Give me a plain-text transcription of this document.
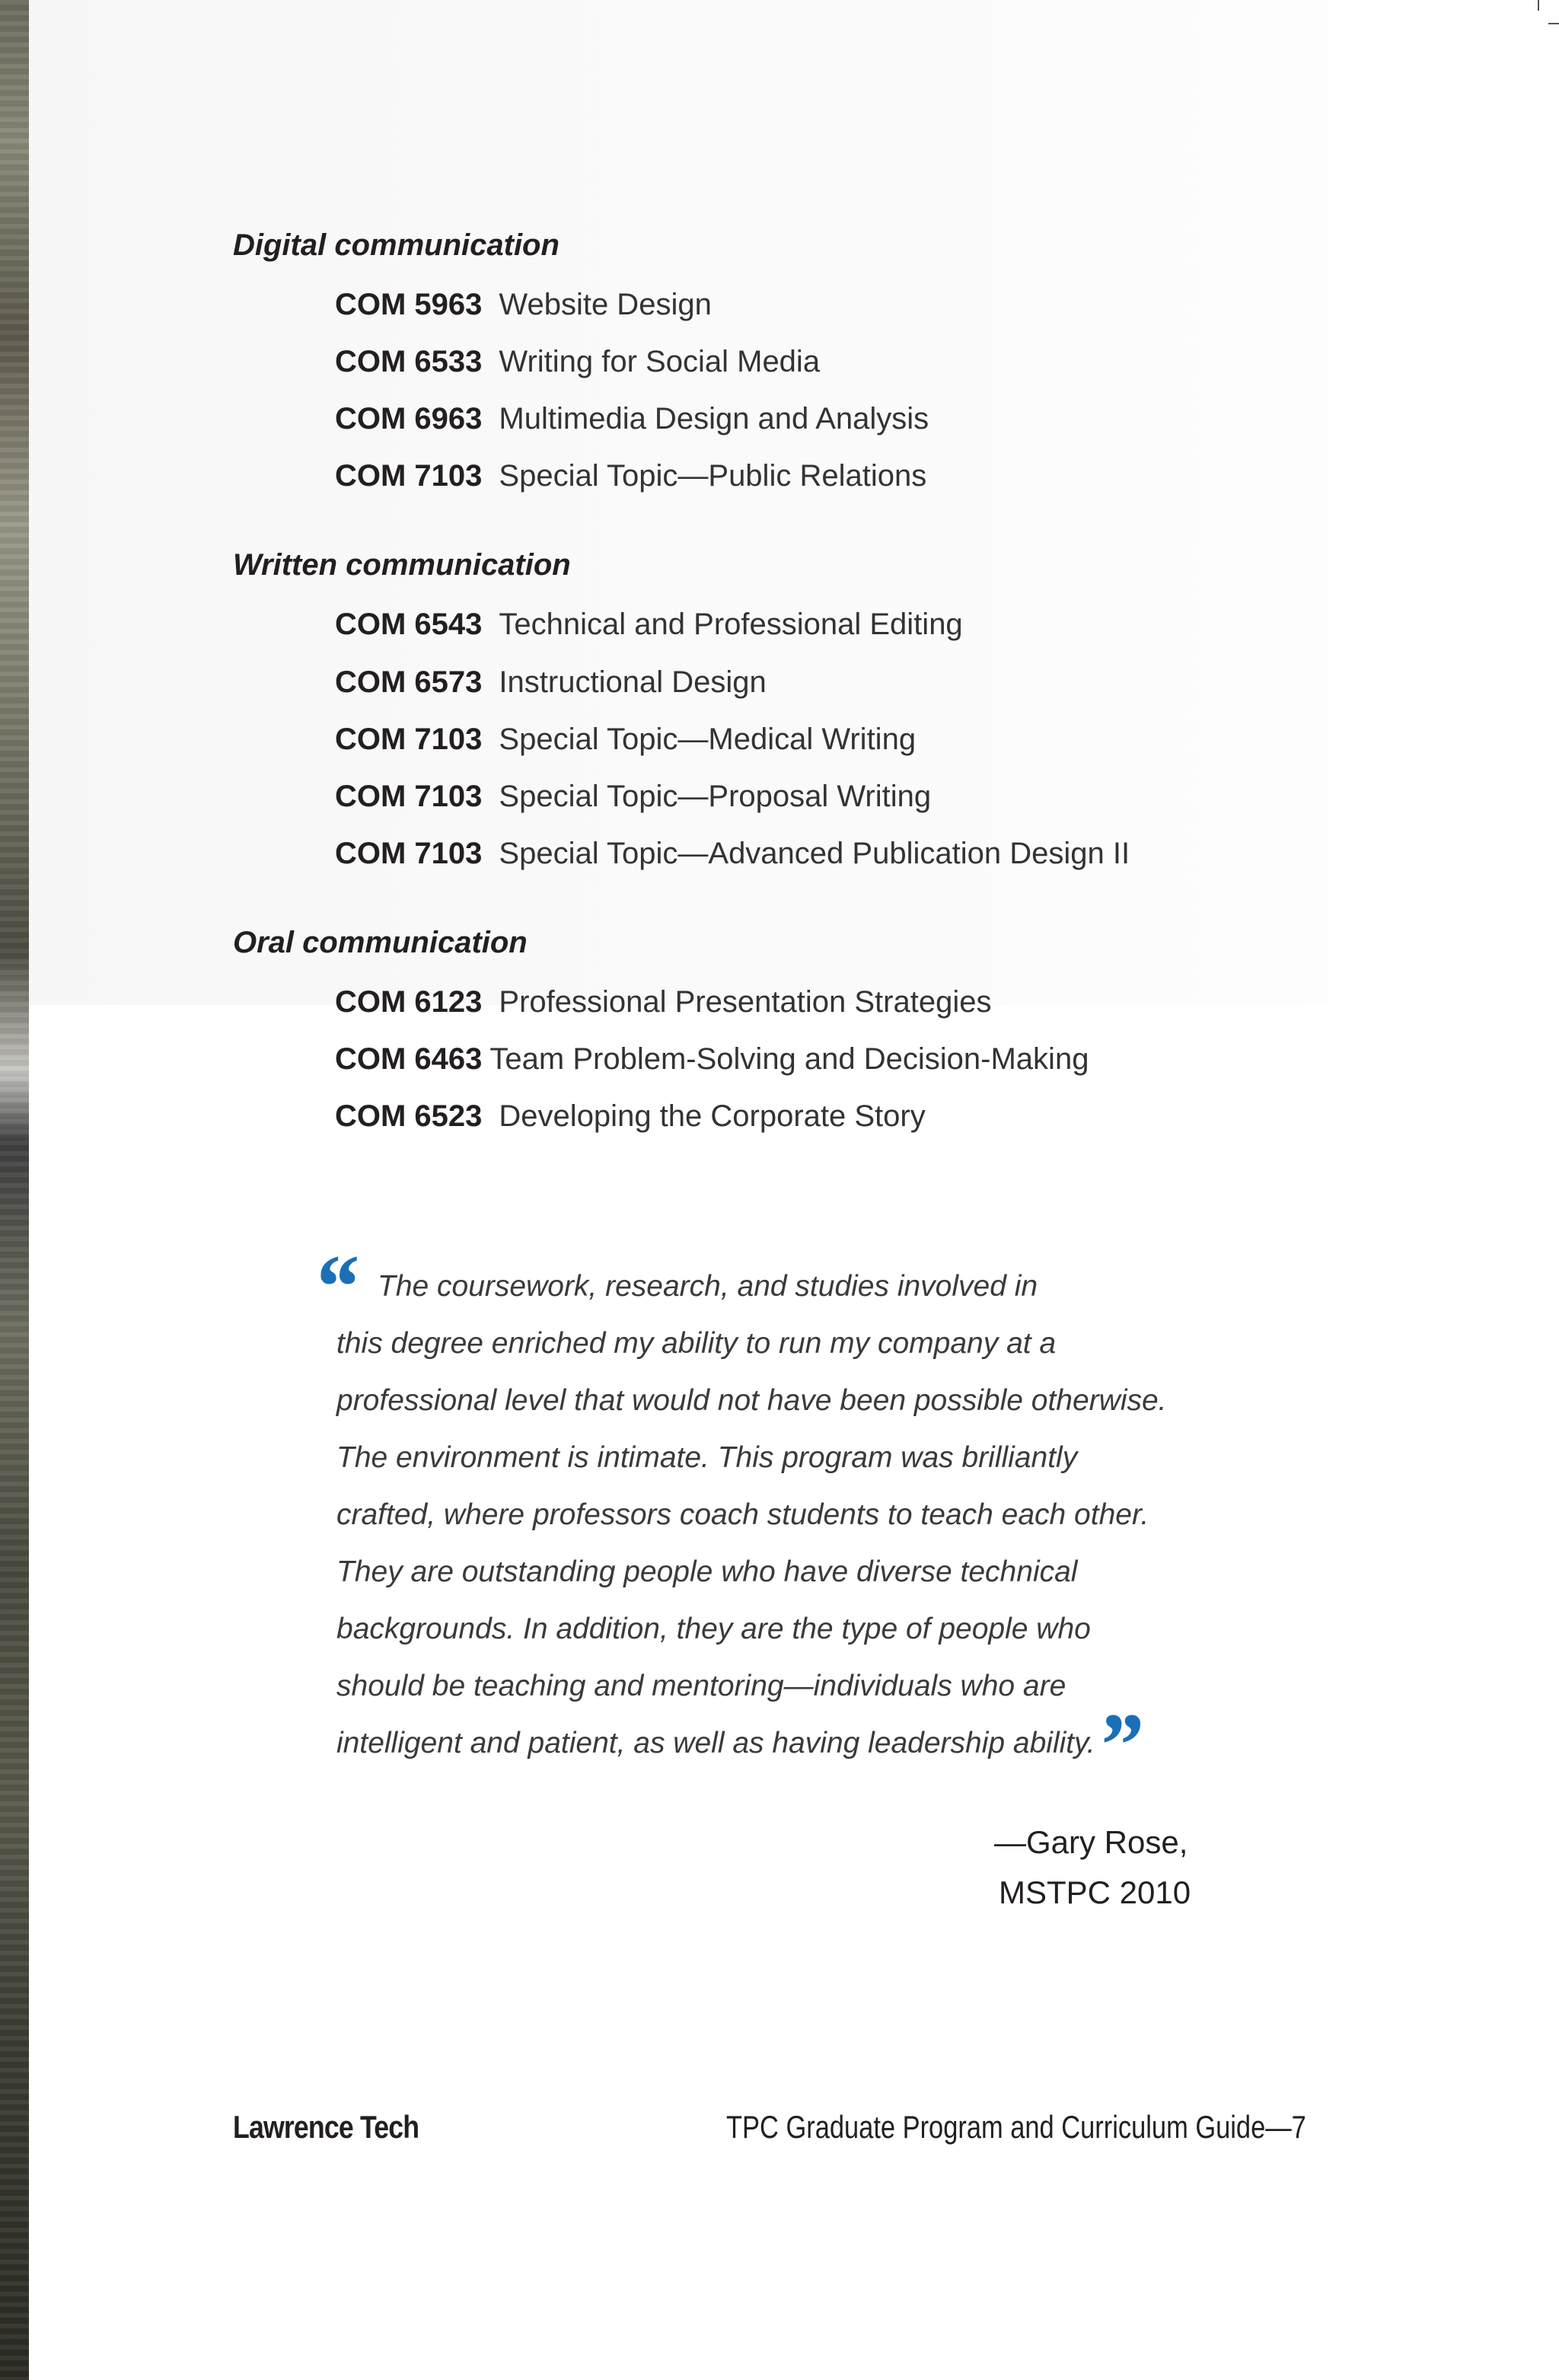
Digital communication
COM 5963 Website Design
COM 6533 Writing for Social Media
COM 6963 Multimedia Design and Analysis
COM 7103 Special Topic—Public Relations
Written communication
COM 6543 Technical and Professional Editing
COM 6573 Instructional Design
COM 7103 Special Topic—Medical Writing
COM 7103 Special Topic—Proposal Writing
COM 7103 Special Topic—Advanced Publication Design II
Oral communication
COM 6123 Professional Presentation Strategies
COM 6463 Team Problem-Solving and Decision-Making
COM 6523 Developing the Corporate Story
“ The coursework, research, and studies involved in
this degree enriched my ability to run my company at a
professional level that would not have been possible otherwise.
The environment is intimate. This program was brilliantly
crafted, where professors coach students to teach each other.
They are outstanding people who have diverse technical
backgrounds. In addition, they are the type of people who
should be teaching and mentoring—individuals who are
intelligent and patient, as well as having leadership ability. ”
—Gary Rose,
MSTPC 2010
Lawrence Tech	TPC Graduate Program and Curriculum Guide—7
